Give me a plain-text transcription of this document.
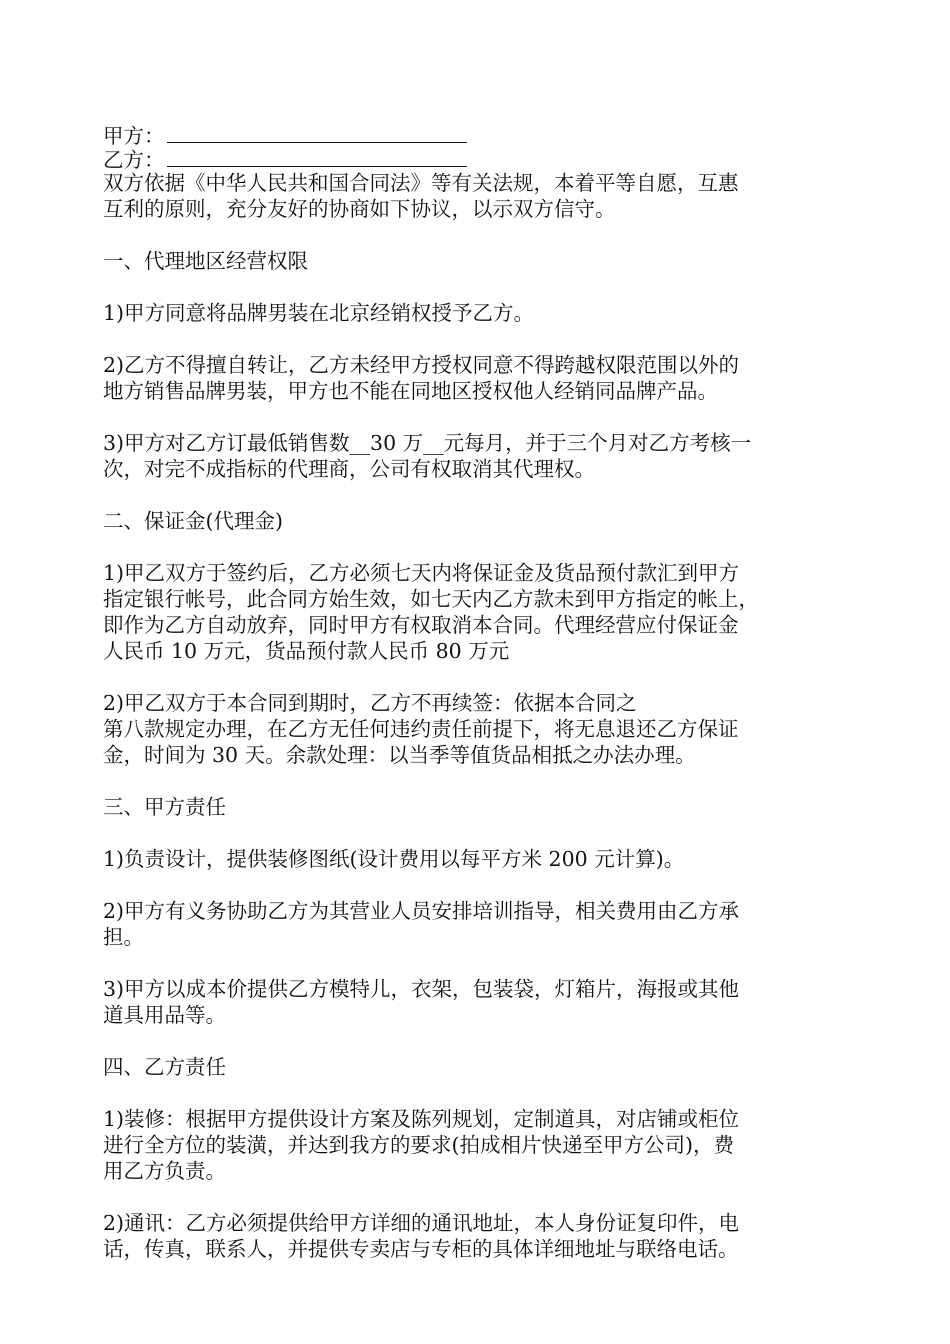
甲方：
乙方：
双方依据《中华人民共和国合同法》等有关法规，本着平等自愿，互惠
互利的原则，充分友好的协商如下协议，以示双方信守。
一、代理地区经营权限
1)甲方同意将品牌男装在北京经销权授予乙方。
2)乙方不得擅自转让，乙方未经甲方授权同意不得跨越权限范围以外的
地方销售品牌男装，甲方也不能在同地区授权他人经销同品牌产品。
3)甲方对乙方订最低销售数__30 万__元每月，并于三个月对乙方考核一
次，对完不成指标的代理商，公司有权取消其代理权。
二、保证金(代理金)
1)甲乙双方于签约后，乙方必须七天内将保证金及货品预付款汇到甲方
指定银行帐号，此合同方始生效，如七天内乙方款未到甲方指定的帐上，
即作为乙方自动放弃，同时甲方有权取消本合同。代理经营应付保证金
人民币 10 万元，货品预付款人民币 80 万元
2)甲乙双方于本合同到期时，乙方不再续签：依据本合同之
第八款规定办理，在乙方无任何违约责任前提下，将无息退还乙方保证
金，时间为 30 天。余款处理：以当季等值货品相抵之办法办理。
三、甲方责任
1)负责设计，提供装修图纸(设计费用以每平方米 200 元计算)。
2)甲方有义务协助乙方为其营业人员安排培训指导，相关费用由乙方承
担。
3)甲方以成本价提供乙方模特儿，衣架，包装袋，灯箱片，海报或其他
道具用品等。
四、乙方责任
1)装修：根据甲方提供设计方案及陈列规划，定制道具，对店铺或柜位
进行全方位的装潢，并达到我方的要求(拍成相片快递至甲方公司)，费
用乙方负责。
2)通讯：乙方必须提供给甲方详细的通讯地址，本人身份证复印件，电
话，传真，联系人，并提供专卖店与专柜的具体详细地址与联络电话。
